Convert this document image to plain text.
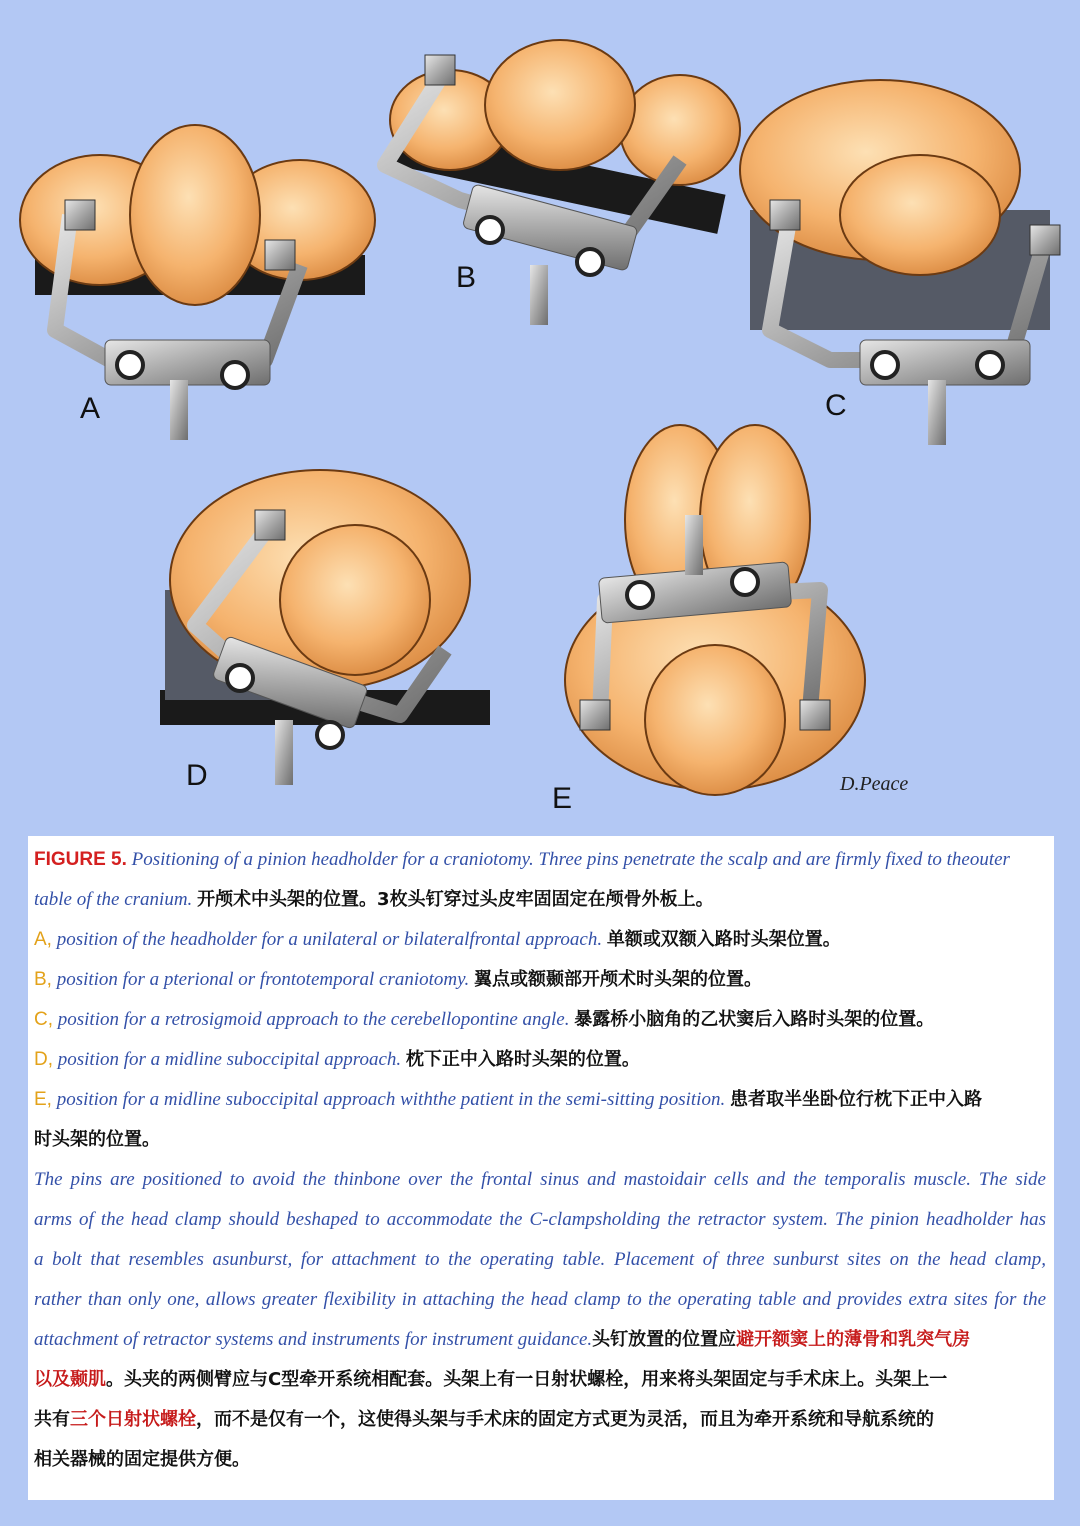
A
B
C
D
E	D.Peace
FIGURE 5. Positioning of a pinion headholder for a craniotomy. Three pins penetrate the scalp and are firmly fixed to theouter
table of the cranium. 开颅术中头架的位置。3枚头钉穿过头皮牢固固定在颅骨外板上。
A, position of the headholder for a unilateral or bilateralfrontal approach. 单额或双额入路时头架位置。
B, position for a pterional or frontotemporal craniotomy. 翼点或额颞部开颅术时头架的位置。
C, position for a retrosigmoid approach to the cerebellopontine angle. 暴露桥小脑角的乙状窦后入路时头架的位置。
D, position for a midline suboccipital approach. 枕下正中入路时头架的位置。
E, position for a midline suboccipital approach withthe patient in the semi-sitting position. 患者取半坐卧位行枕下正中入路
时头架的位置。
The pins are positioned to avoid the thinbone over the frontal sinus and mastoidair cells and the temporalis muscle. The side
arms of the head clamp should beshaped to accommodate the C-clampsholding the retractor system. The pinion headholder has
a bolt that resembles asunburst, for attachment to the operating table. Placement of three sunburst sites on the head clamp,
rather than only one, allows greater flexibility in attaching the head clamp to the operating table and provides extra sites for the
attachment of retractor systems and instruments for instrument guidance.头钉放置的位置应避开额窦上的薄骨和乳突气房
以及颞肌。头夹的两侧臂应与C型牵开系统相配套。头架上有一日射状螺栓，用来将头架固定与手术床上。头架上一
共有三个日射状螺栓，而不是仅有一个，这使得头架与手术床的固定方式更为灵活，而且为牵开系统和导航系统的
相关器械的固定提供方便。
